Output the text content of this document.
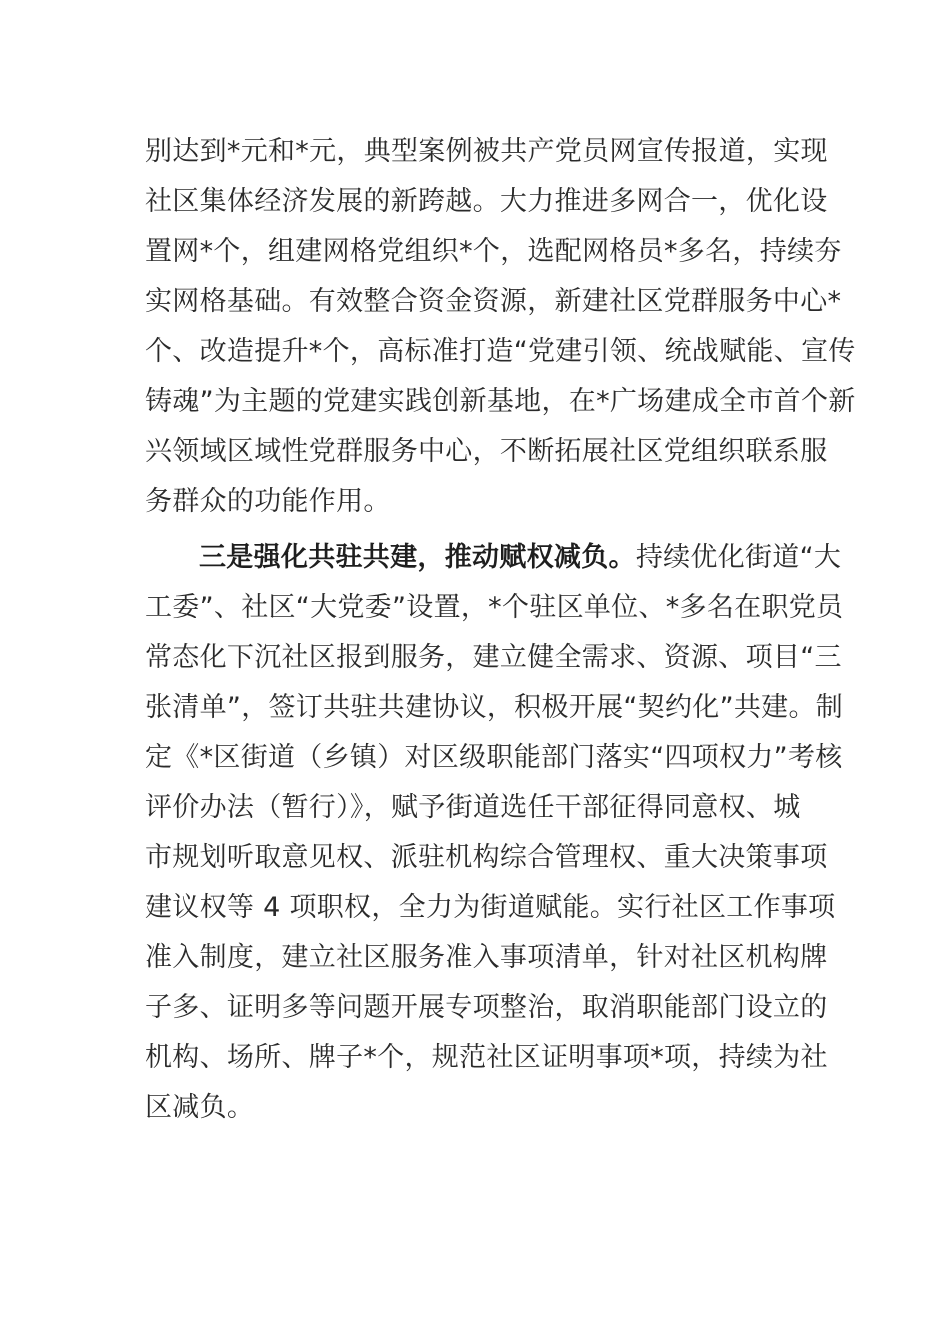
别达到*元和*元，典型案例被共产党员网宣传报道，实现
社区集体经济发展的新跨越。大力推进多网合一，优化设
置网*个，组建网格党组织*个，选配网格员*多名，持续夯
实网格基础。有效整合资金资源，新建社区党群服务中心*
个、改造提升*个，高标准打造“党建引领、统战赋能、宣传
铸魂”为主题的党建实践创新基地，在*广场建成全市首个新
兴领域区域性党群服务中心，不断拓展社区党组织联系服
务群众的功能作用。
三是强化共驻共建，推动赋权减负。持续优化街道“大
工委”、社区“大党委”设置，*个驻区单位、*多名在职党员
常态化下沉社区报到服务，建立健全需求、资源、项目“三
张清单”，签订共驻共建协议，积极开展“契约化”共建。制
定《*区街道（乡镇）对区级职能部门落实“四项权力”考核
评价办法（暂行）》，赋予街道选任干部征得同意权、城
市规划听取意见权、派驻机构综合管理权、重大决策事项
建议权等 4 项职权，全力为街道赋能。实行社区工作事项
准入制度，建立社区服务准入事项清单，针对社区机构牌
子多、证明多等问题开展专项整治，取消职能部门设立的
机构、场所、牌子*个，规范社区证明事项*项，持续为社
区减负。
